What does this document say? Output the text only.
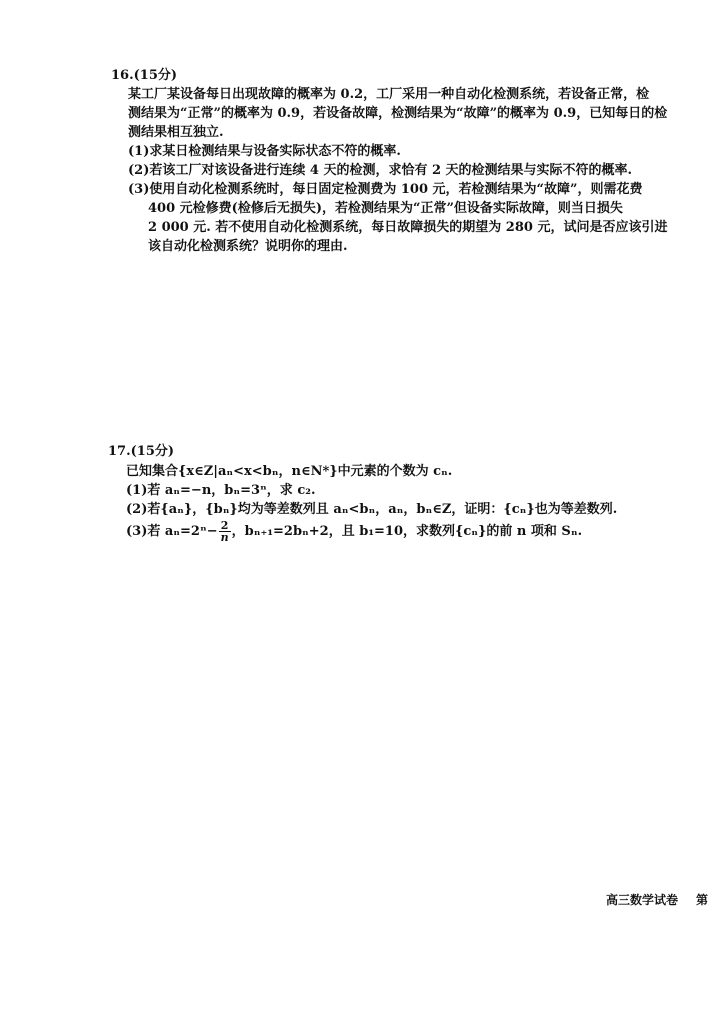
16.(15分)
某工厂某设备每日出现故障的概率为 0.2，工厂采用一种自动化检测系统，若设备正常，检
测结果为“正常”的概率为 0.9，若设备故障，检测结果为“故障”的概率为 0.9，已知每日的检
测结果相互独立.
(1)求某日检测结果与设备实际状态不符的概率.
(2)若该工厂对该设备进行连续 4 天的检测，求恰有 2 天的检测结果与实际不符的概率.
(3)使用自动化检测系统时，每日固定检测费为 100 元，若检测结果为“故障”，则需花费
400 元检修费(检修后无损失)，若检测结果为“正常”但设备实际故障，则当日损失
2 000 元. 若不使用自动化检测系统，每日故障损失的期望为 280 元，试问是否应该引进
该自动化检测系统？说明你的理由.
17.(15分)
已知集合{x∈Z|aₙ<x<bₙ，n∈N*}中元素的个数为 cₙ.
(1)若 aₙ=−n，bₙ=3ⁿ，求 c₂.
(2)若{aₙ}，{bₙ}均为等差数列且 aₙ<bₙ，aₙ，bₙ∈Z，证明：{cₙ}也为等差数列.
(3)若 $a_n=2^n- \frac{2}{n}$ ，bₙ₊₁=2bₙ+2，且 b₁=10，求数列{cₙ}的前 n 项和 Sₙ.
高三数学试卷 第
